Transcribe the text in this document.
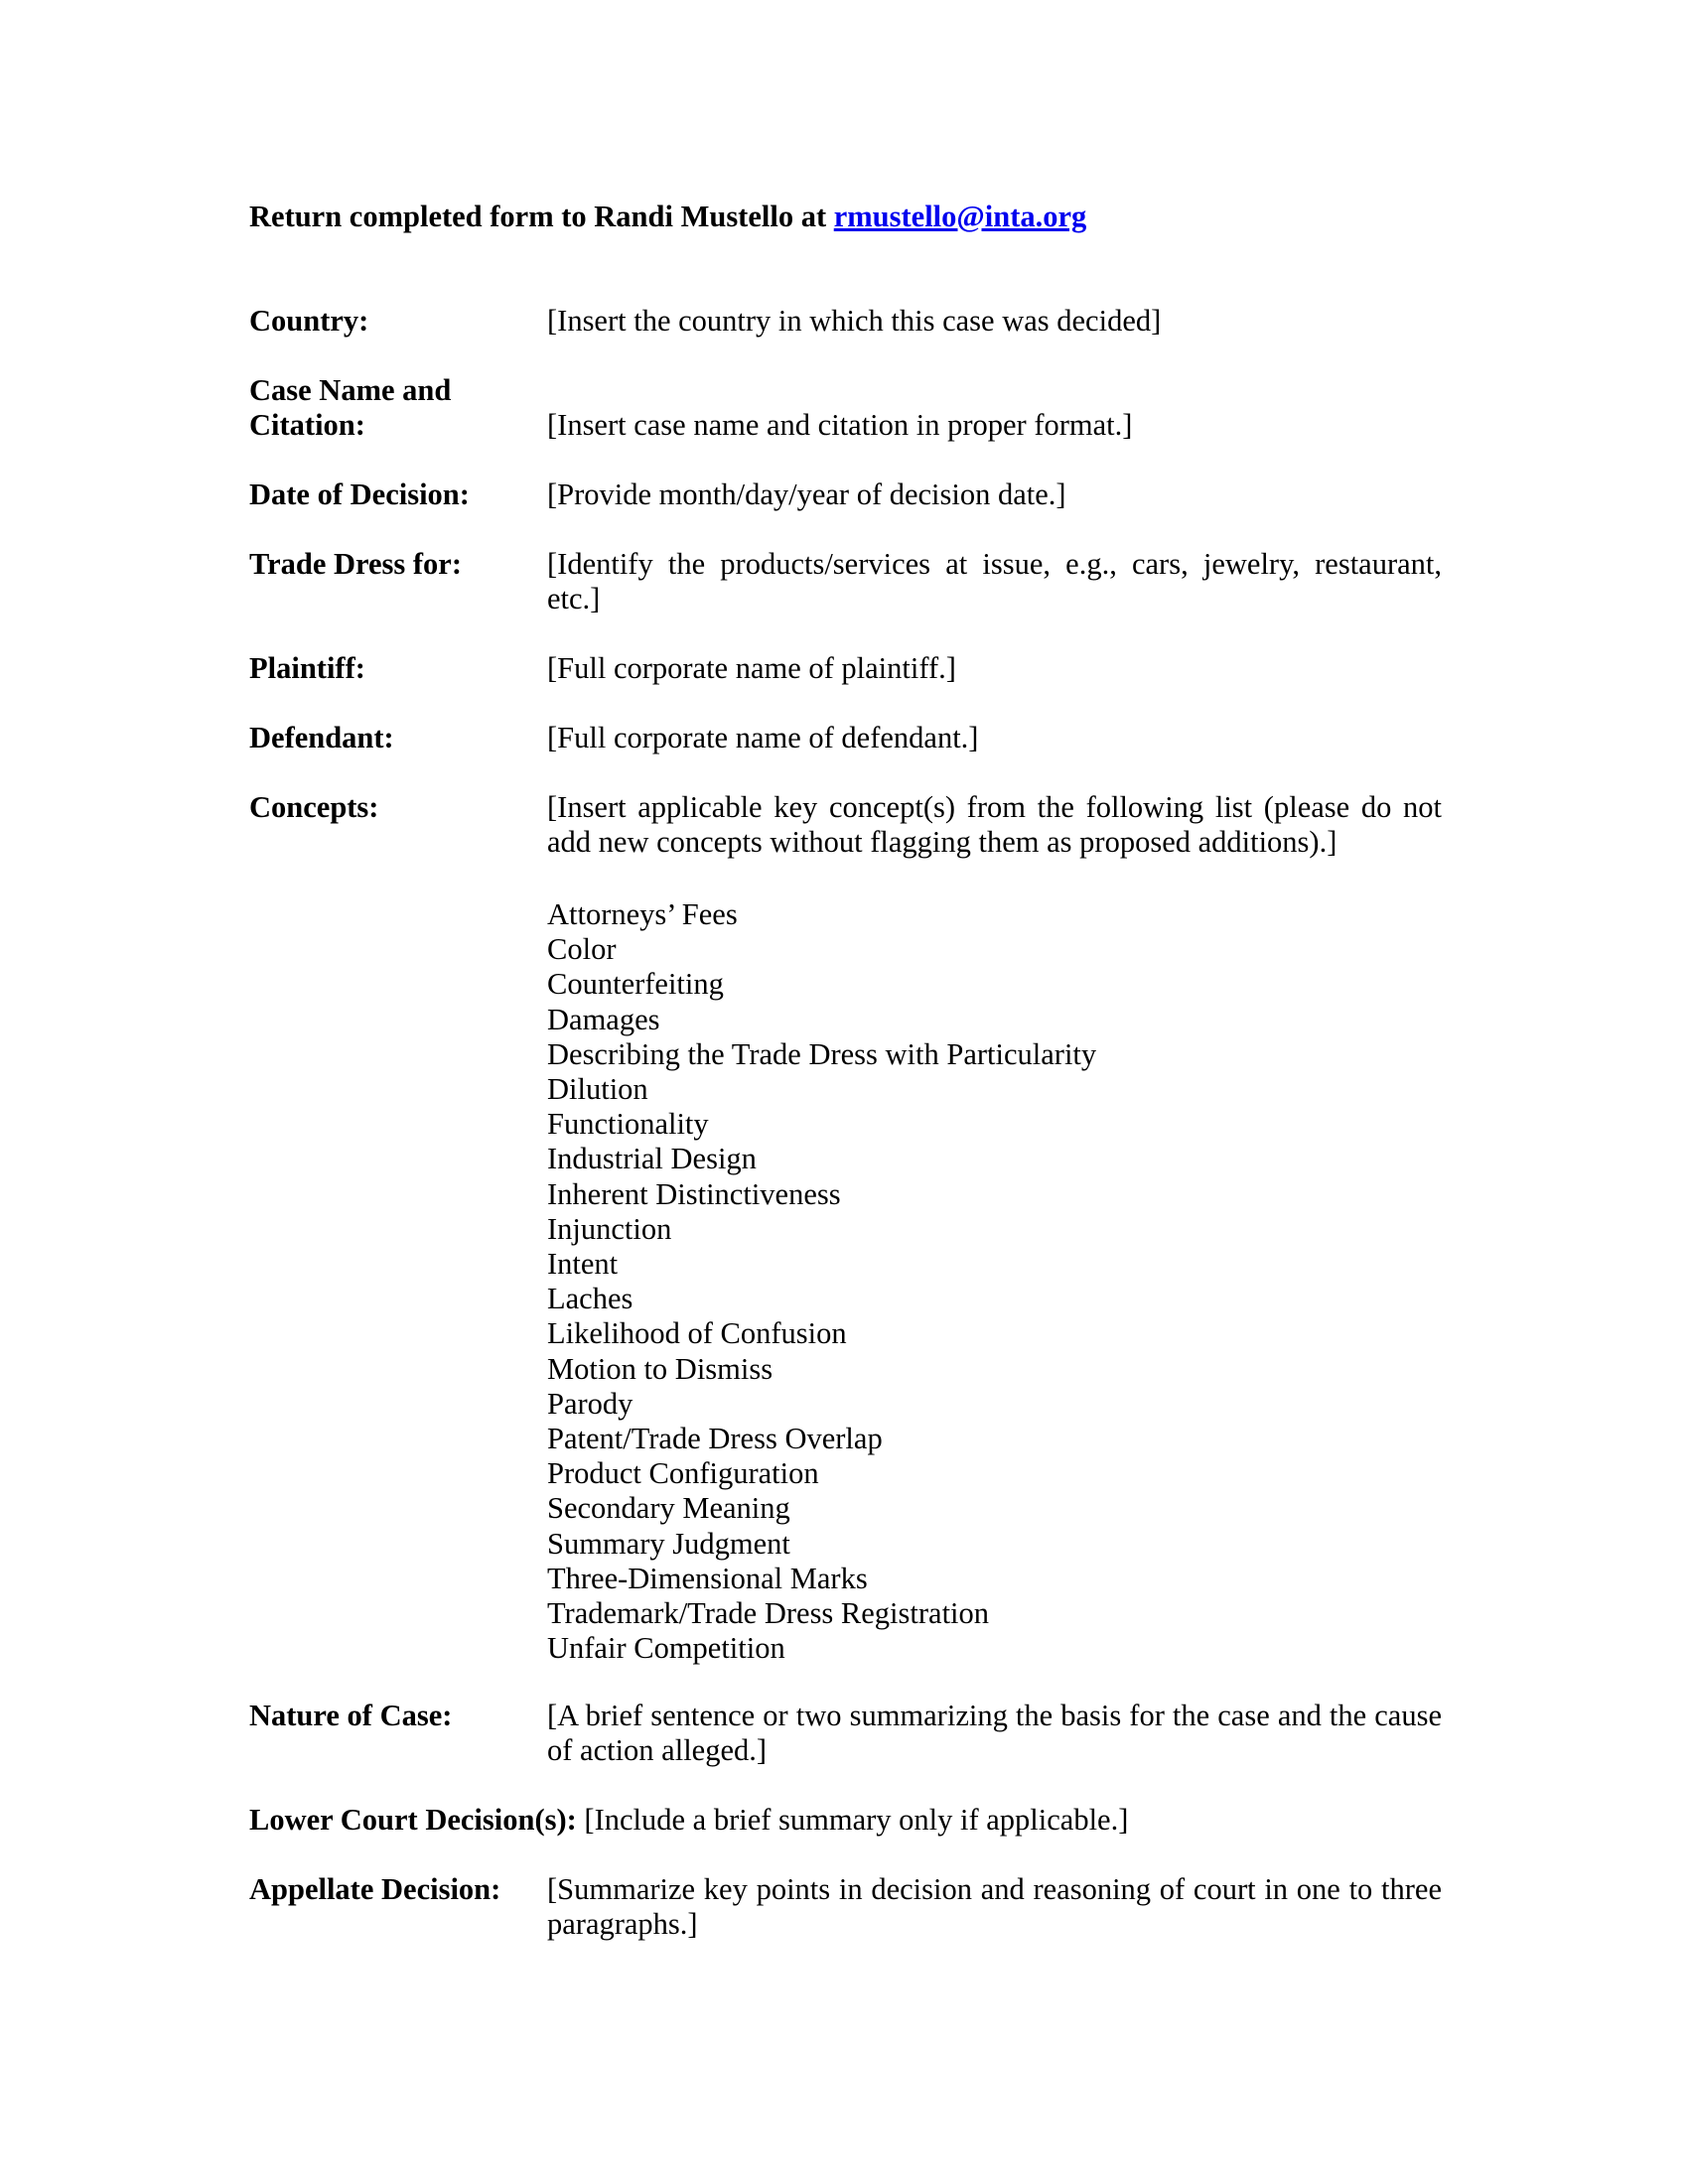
Return completed form to Randi Mustello at rmustello@inta.org
Country:	[Insert the country in which this case was decided]
Case Name and
Citation:	[Insert case name and citation in proper format.]
Date of Decision:	[Provide month/day/year of decision date.]
Trade Dress for:	[Identify the products/services at issue, e.g., cars, jewelry, restaurant, etc.]
Plaintiff:	[Full corporate name of plaintiff.]
Defendant:	[Full corporate name of defendant.]
Concepts:	[Insert applicable key concept(s) from the following list (please do not add new concepts without flagging them as proposed additions).]
Attorneys’ Fees
Color
Counterfeiting
Damages
Describing the Trade Dress with Particularity
Dilution
Functionality
Industrial Design
Inherent Distinctiveness
Injunction
Intent
Laches
Likelihood of Confusion
Motion to Dismiss
Parody
Patent/Trade Dress Overlap
Product Configuration
Secondary Meaning
Summary Judgment
Three-Dimensional Marks
Trademark/Trade Dress Registration
Unfair Competition
Nature of Case:	[A brief sentence or two summarizing the basis for the case and the cause of action alleged.]
Lower Court Decision(s): [Include a brief summary only if applicable.]
Appellate Decision: [Summarize key points in decision and reasoning of court in one to three paragraphs.]
